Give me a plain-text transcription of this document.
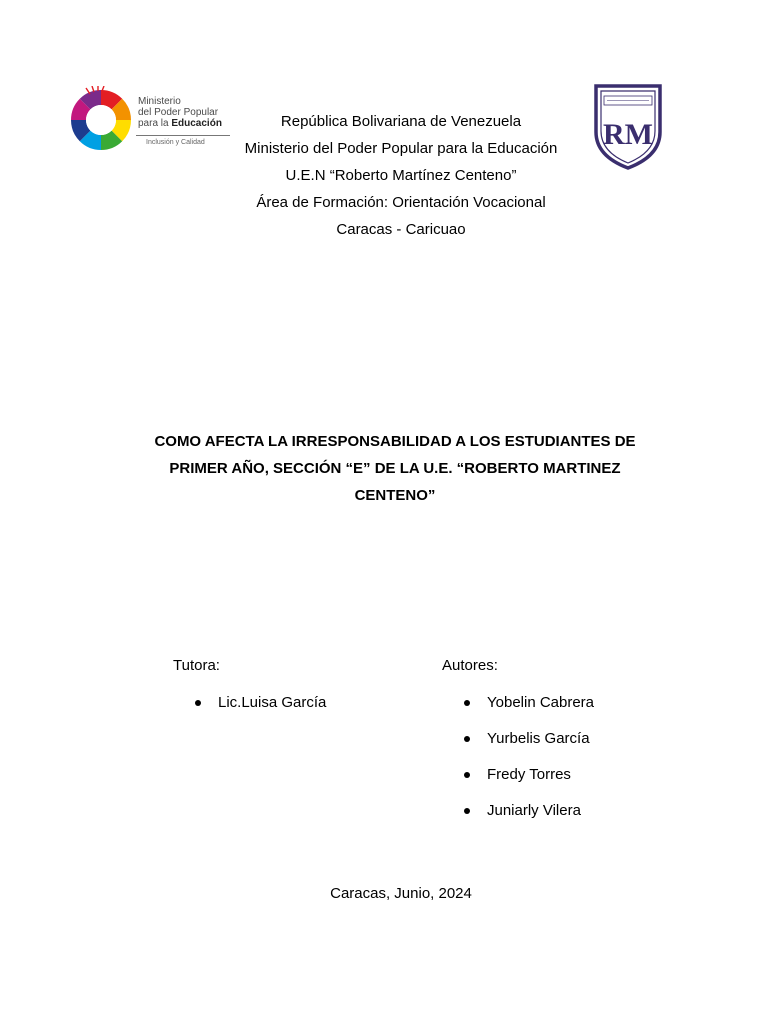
Ministerio
del Poder Popular
para la Educación
Inclusión y Calidad	RM
República Bolivariana de Venezuela
Ministerio del Poder Popular para la Educación
U.E.N “Roberto Martínez Centeno”
Área de Formación: Orientación Vocacional
Caracas - Caricuao
COMO AFECTA LA IRRESPONSABILIDAD A LOS ESTUDIANTES DE
PRIMER AÑO, SECCIÓN “E” DE LA U.E. “ROBERTO MARTINEZ
CENTENO”
Tutora:
Lic.Luisa García
Autores:
Yobelin Cabrera
Yurbelis García
Fredy Torres
Juniarly Vilera
Caracas, Junio, 2024
